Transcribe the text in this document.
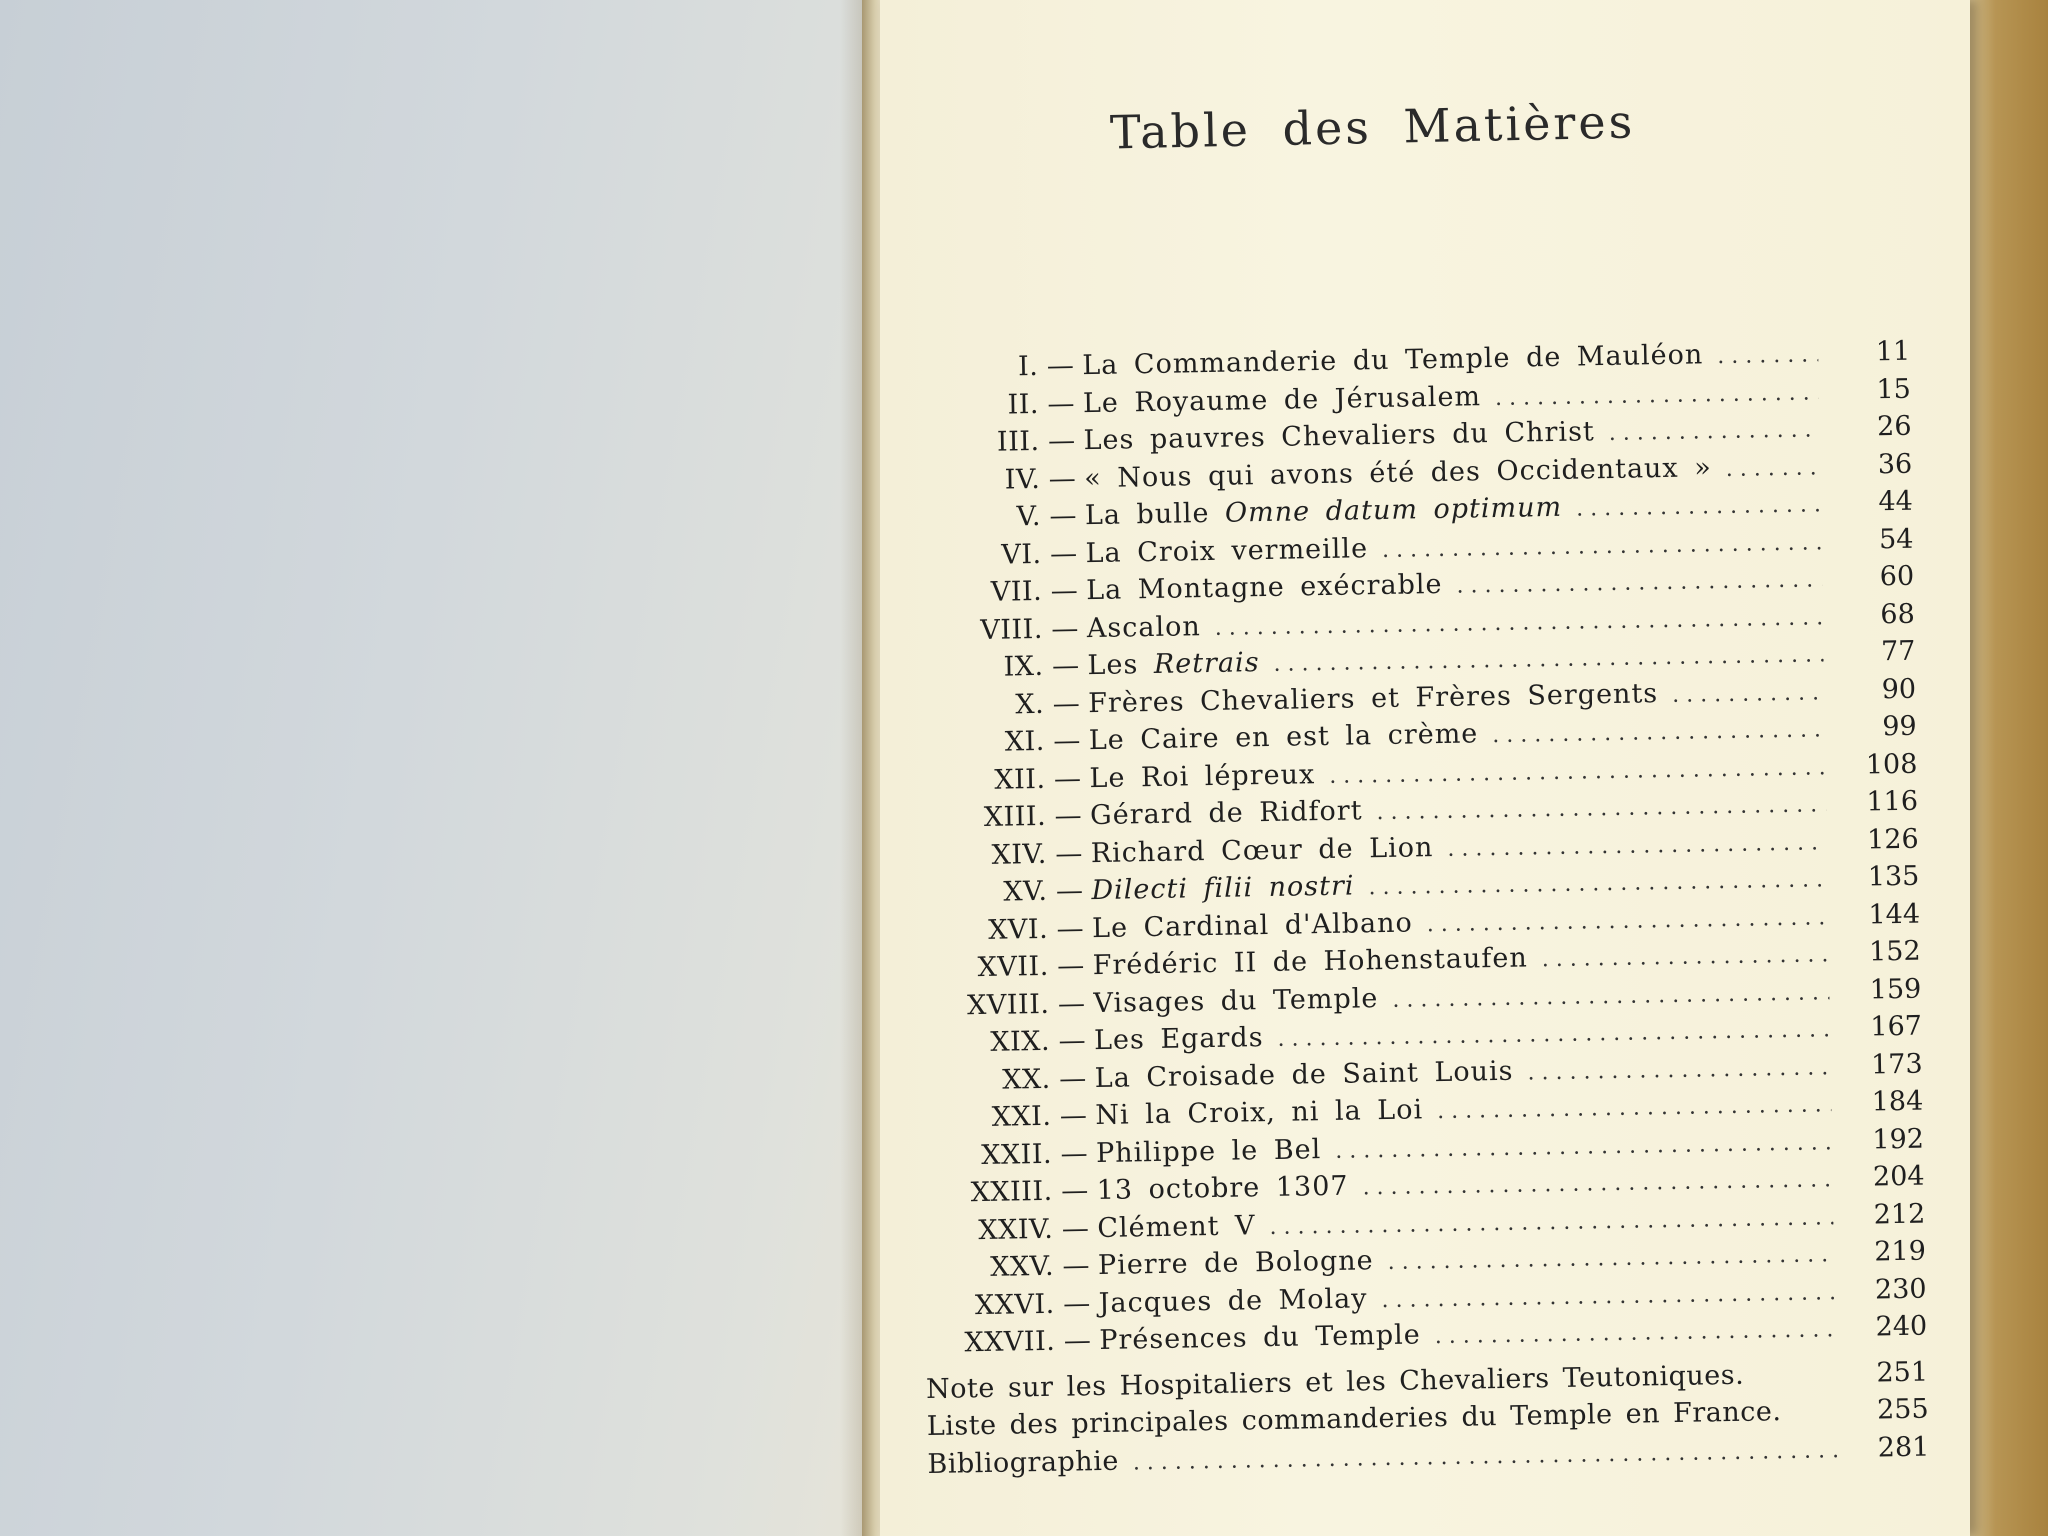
Table des Matières
I. — La Commanderie du Temple de Mauléon . . .	11
II. — Le Royaume de Jérusalem . . .	15
III. — Les pauvres Chevaliers du Christ . . .	26
IV. — « Nous qui avons été des Occidentaux » . . .	36
V. — La bulle Omne datum optimum . . .	44
VI. — La Croix vermeille . . .	54
VII. — La Montagne exécrable . . .	60
VIII. — Ascalon . . .	68
IX. — Les Retrais . . .	77
X. — Frères Chevaliers et Frères Sergents . . .	90
XI. — Le Caire en est la crème . . .	99
XII. — Le Roi lépreux . . .	108
XIII. — Gérard de Ridfort . . .	116
XIV. — Richard Cœur de Lion . . .	126
XV. — Dilecti filii nostri . . .	135
XVI. — Le Cardinal d'Albano . . .	144
XVII. — Frédéric II de Hohenstaufen . . .	152
XVIII. — Visages du Temple . . .	159
XIX. — Les Egards . . .	167
XX. — La Croisade de Saint Louis . . .	173
XXI. — Ni la Croix, ni la Loi . . .	184
XXII. — Philippe le Bel . . .	192
XXIII. — 13 octobre 1307 . . .	204
XXIV. — Clément V . . .	212
XXV. — Pierre de Bologne . . .	219
XXVI. — Jacques de Molay . . .	230
XXVII. — Présences du Temple . . .	240
Note sur les Hospitaliers et les Chevaliers Teutoniques.	251
Liste des principales commanderies du Temple en France.	255
Bibliographie . . .	281
